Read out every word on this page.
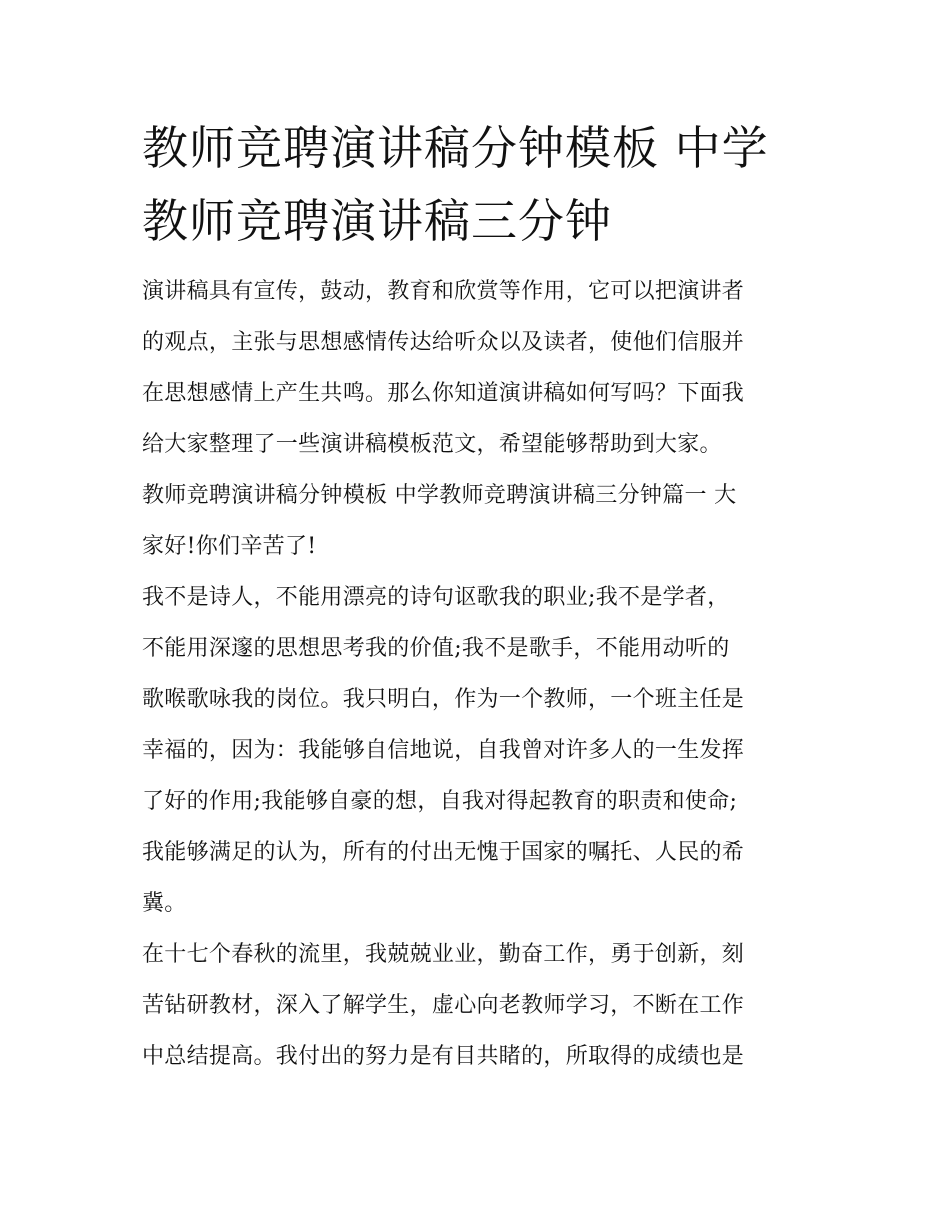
教师竞聘演讲稿分钟模板 中学
教师竞聘演讲稿三分钟

演讲稿具有宣传，鼓动，教育和欣赏等作用，它可以把演讲者
的观点，主张与思想感情传达给听众以及读者，使他们信服并
在思想感情上产生共鸣。那么你知道演讲稿如何写吗？下面我
给大家整理了一些演讲稿模板范文，希望能够帮助到大家。

教师竞聘演讲稿分钟模板 中学教师竞聘演讲稿三分钟篇一 大
家好!你们辛苦了!

我不是诗人，不能用漂亮的诗句讴歌我的职业;我不是学者，
不能用深邃的思想思考我的价值;我不是歌手，不能用动听的
歌喉歌咏我的岗位。我只明白，作为一个教师，一个班主任是
幸福的，因为：我能够自信地说，自我曾对许多人的一生发挥
了好的作用;我能够自豪的想，自我对得起教育的职责和使命;
我能够满足的认为，所有的付出无愧于国家的嘱托、人民的希
冀。

在十七个春秋的流里，我兢兢业业，勤奋工作，勇于创新，刻
苦钻研教材，深入了解学生，虚心向老教师学习，不断在工作
中总结提高。我付出的努力是有目共睹的，所取得的成绩也是
